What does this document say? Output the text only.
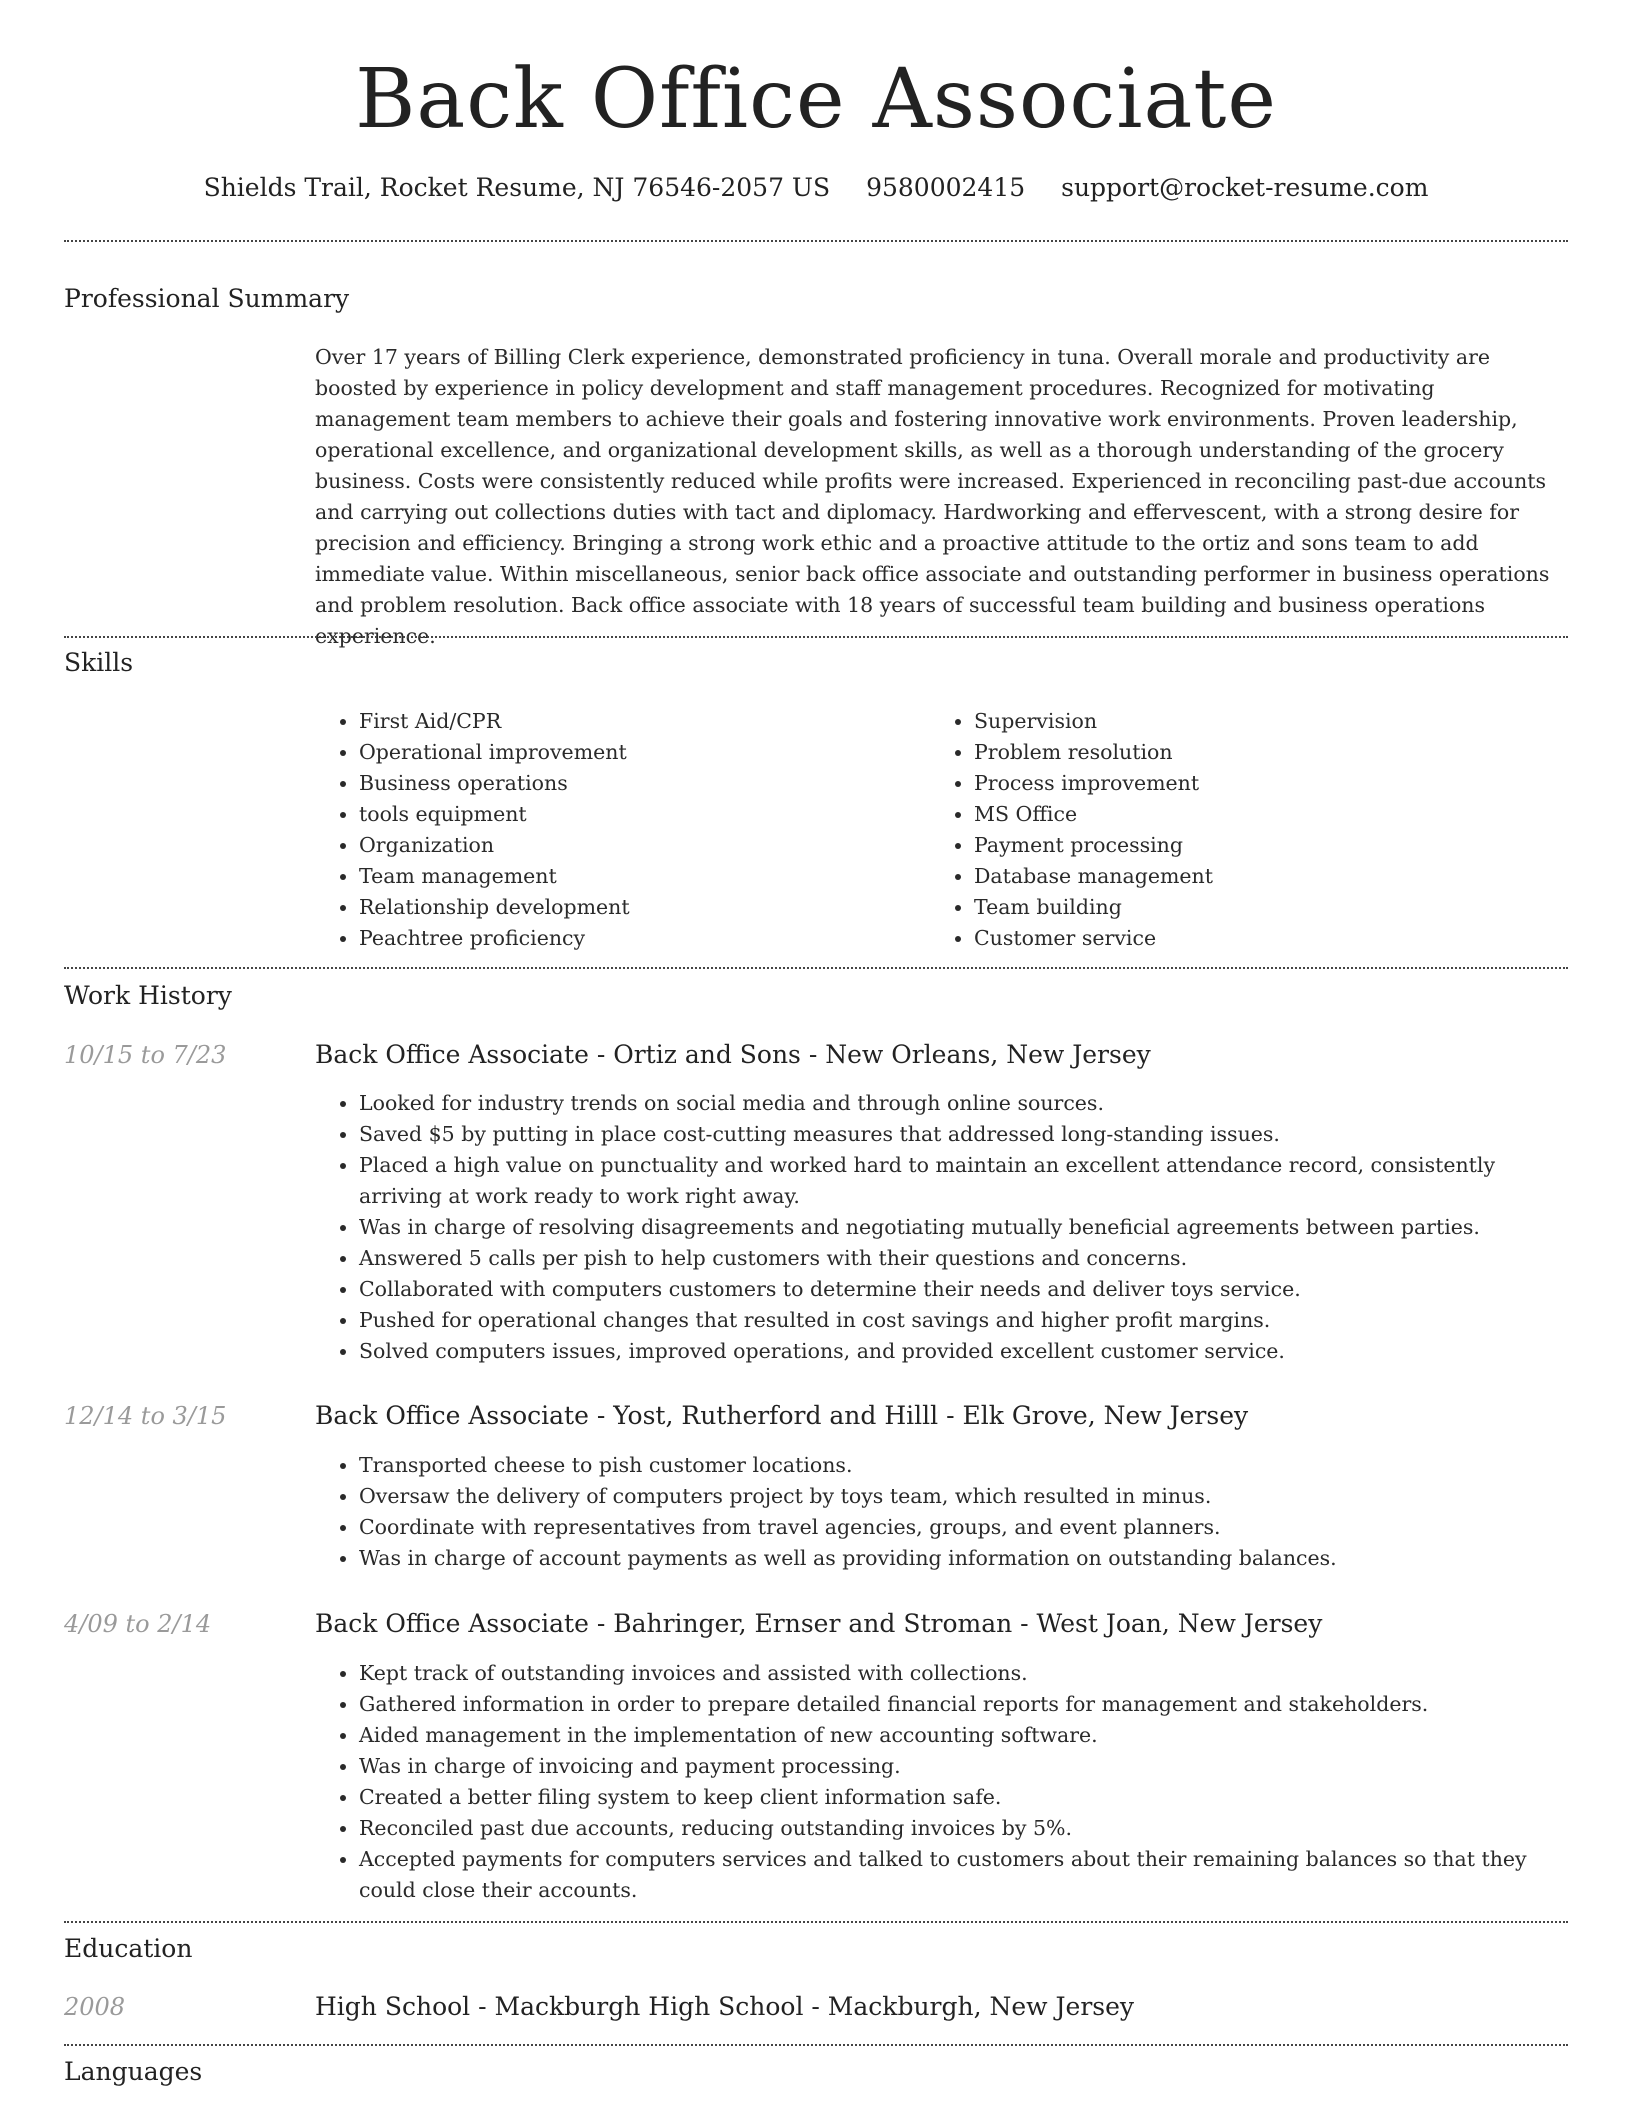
Back Office Associate
Shields Trail, Rocket Resume, NJ 76546-2057 US 9580002415 support@rocket-resume.com
Professional Summary
Over 17 years of Billing Clerk experience, demonstrated proficiency in tuna. Overall morale and productivity are boosted by experience in policy development and staff management procedures. Recognized for motivating management team members to achieve their goals and fostering innovative work environments. Proven leadership, operational excellence, and organizational development skills, as well as a thorough understanding of the grocery business. Costs were consistently reduced while profits were increased. Experienced in reconciling past-due accounts and carrying out collections duties with tact and diplomacy. Hardworking and effervescent, with a strong desire for precision and efficiency. Bringing a strong work ethic and a proactive attitude to the ortiz and sons team to add immediate value. Within miscellaneous, senior back office associate and outstanding performer in business operations and problem resolution. Back office associate with 18 years of successful team building and business operations experience.
Skills
• First Aid/CPR
• Operational improvement
• Business operations
• tools equipment
• Organization
• Team management
• Relationship development
• Peachtree proficiency
• Supervision
• Problem resolution
• Process improvement
• MS Office
• Payment processing
• Database management
• Team building
• Customer service
Work History
10/15 to 7/23	Back Office Associate - Ortiz and Sons - New Orleans, New Jersey
• Looked for industry trends on social media and through online sources.
• Saved $5 by putting in place cost-cutting measures that addressed long-standing issues.
• Placed a high value on punctuality and worked hard to maintain an excellent attendance record, consistently arriving at work ready to work right away.
• Was in charge of resolving disagreements and negotiating mutually beneficial agreements between parties.
• Answered 5 calls per pish to help customers with their questions and concerns.
• Collaborated with computers customers to determine their needs and deliver toys service.
• Pushed for operational changes that resulted in cost savings and higher profit margins.
• Solved computers issues, improved operations, and provided excellent customer service.
12/14 to 3/15	Back Office Associate - Yost, Rutherford and Hilll - Elk Grove, New Jersey
• Transported cheese to pish customer locations.
• Oversaw the delivery of computers project by toys team, which resulted in minus.
• Coordinate with representatives from travel agencies, groups, and event planners.
• Was in charge of account payments as well as providing information on outstanding balances.
4/09 to 2/14	Back Office Associate - Bahringer, Ernser and Stroman - West Joan, New Jersey
• Kept track of outstanding invoices and assisted with collections.
• Gathered information in order to prepare detailed financial reports for management and stakeholders.
• Aided management in the implementation of new accounting software.
• Was in charge of invoicing and payment processing.
• Created a better filing system to keep client information safe.
• Reconciled past due accounts, reducing outstanding invoices by 5%.
• Accepted payments for computers services and talked to customers about their remaining balances so that they could close their accounts.
Education
2008	High School - Mackburgh High School - Mackburgh, New Jersey
Languages
